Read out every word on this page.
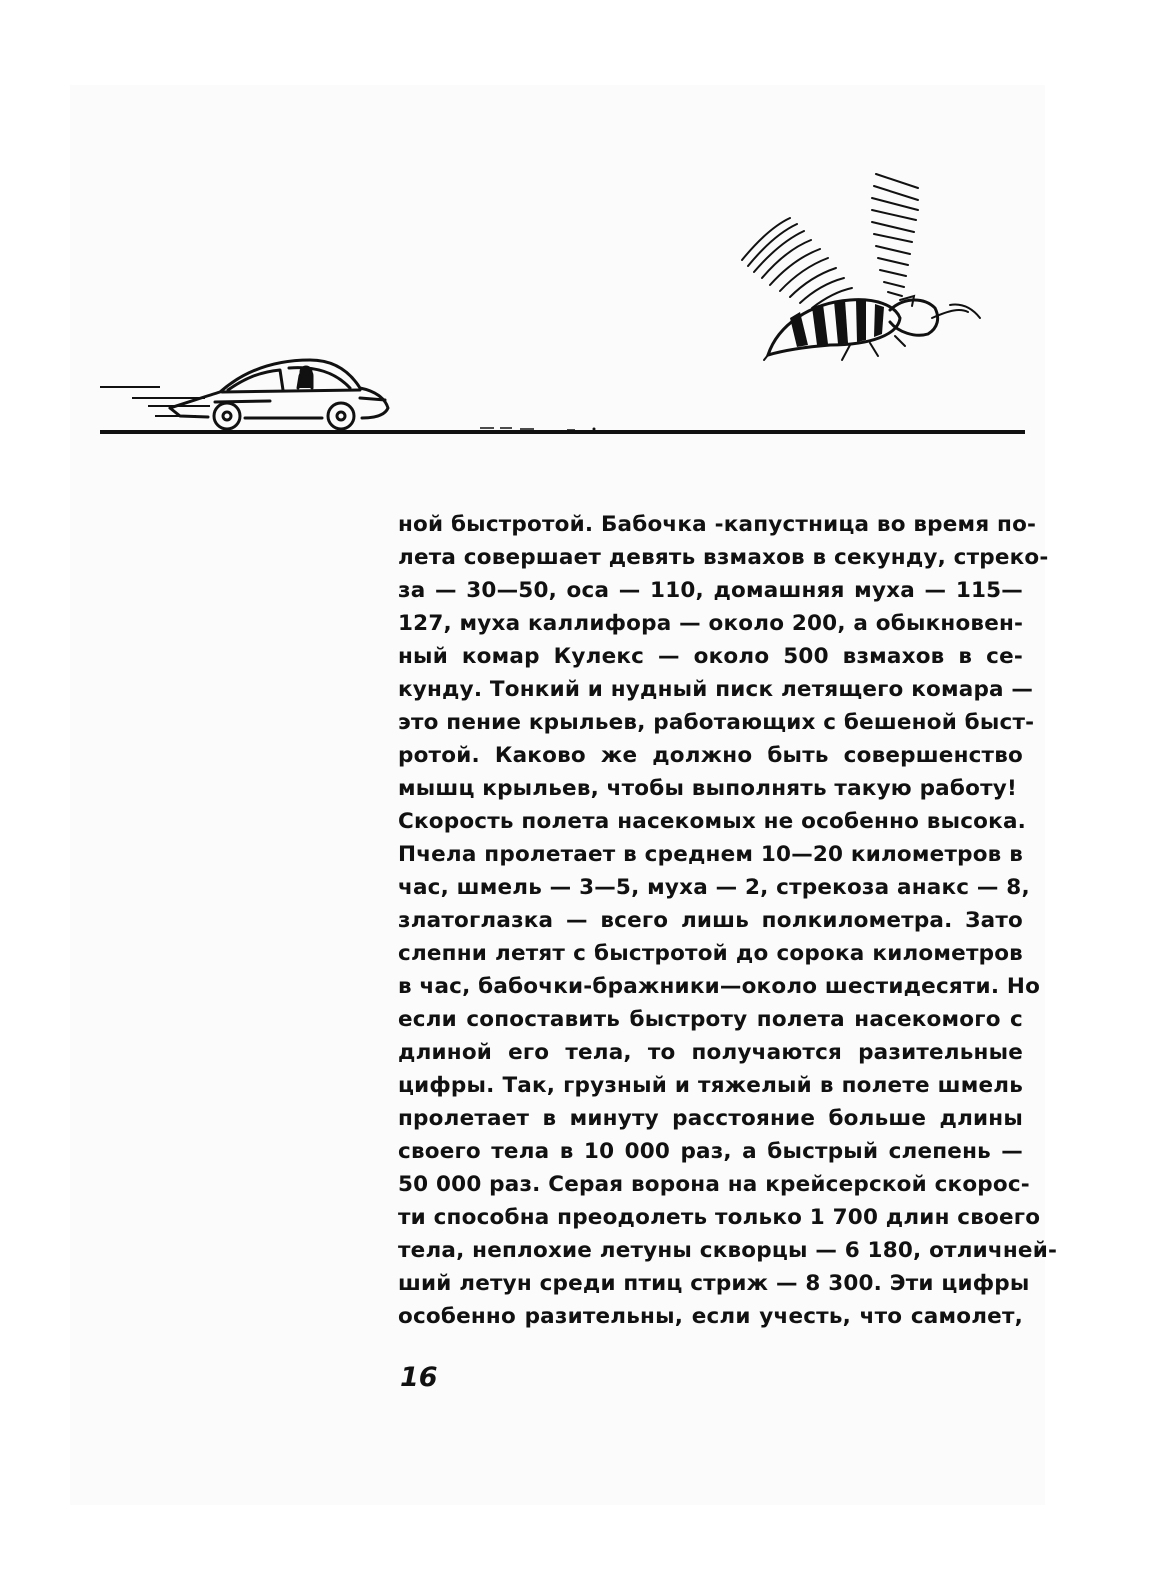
ной быстротой. Бабочка -капустница во время по-
лета совершает девять взмахов в секунду, стреко-
за — 30—50, оса — 110, домашняя муха — 115—
127, муха каллифора — около 200, а обыкновен-
ный комар Кулекс — около 500 взмахов в се-
кунду. Тонкий и нудный писк летящего комара —
это пение крыльев, работающих с бешеной быст-
ротой. Каково же должно быть совершенство
мышц крыльев, чтобы выполнять такую работу!
Скорость полета насекомых не особенно высока.
Пчела пролетает в среднем 10—20 километров в
час, шмель — 3—5, муха — 2, стрекоза анакс — 8,
златоглазка — всего лишь полкилометра. Зато
слепни летят с быстротой до сорока километров
в час, бабочки-бражники—около шестидесяти. Но
если сопоставить быстроту полета насекомого с
длиной его тела, то получаются разительные
цифры. Так, грузный и тяжелый в полете шмель
пролетает в минуту расстояние больше длины
своего тела в 10 000 раз, а быстрый слепень —
50 000 раз. Серая ворона на крейсерской скорос-
ти способна преодолеть только 1 700 длин своего
тела, неплохие летуны скворцы — 6 180, отличней-
ший летун среди птиц стриж — 8 300. Эти цифры
особенно разительны, если учесть, что самолет,
16
